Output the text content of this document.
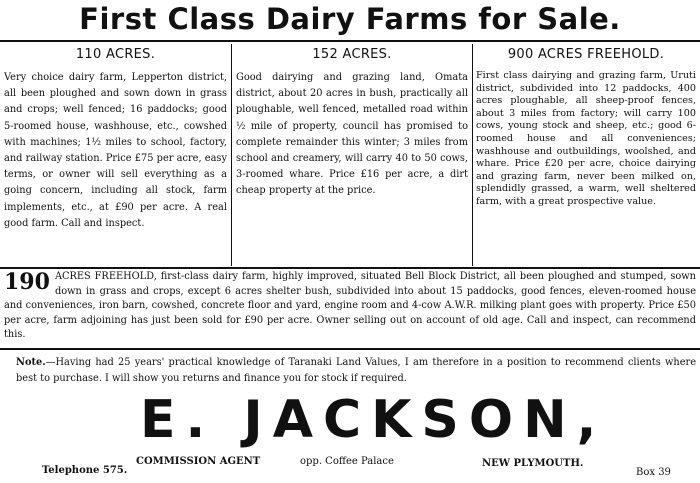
First Class Dairy Farms for Sale.
110 ACRES.
Very choice dairy farm, Lepperton district, all been ploughed and sown down in grass and crops; well fenced; 16 paddocks; good 5-roomed house, washhouse, etc., cowshed with machines; 1½ miles to school, factory, and railway station. Price £75 per acre, easy terms, or owner will sell everything as a going concern, including all stock, farm implements, etc., at £90 per acre. A real good farm. Call and inspect.
152 ACRES.
Good dairying and grazing land, Omata district, about 20 acres in bush, practically all ploughable, well fenced, metalled road within ½ mile of property, council has promised to complete remainder this winter; 3 miles from school and creamery, will carry 40 to 50 cows, 3-roomed whare. Price £16 per acre, a dirt cheap property at the price.
900 ACRES FREEHOLD.
First class dairying and grazing farm, Uruti district, subdivided into 12 paddocks, 400 acres ploughable, all sheep-proof fences, about 3 miles from factory; will carry 100 cows, young stock and sheep, etc.; good 6-roomed house and all conveniences; washhouse and outbuildings, woolshed, and whare. Price £20 per acre, choice dairying and grazing farm, never been milked on, splendidly grassed, a warm, well sheltered farm, with a great prospective value.
190 ACRES FREEHOLD, first-class dairy farm, highly improved, situated Bell Block District, all been ploughed and stumped, sown down in grass and crops, except 6 acres shelter bush, subdivided into about 15 paddocks, good fences, eleven-roomed house and conveniences, iron barn, cowshed, concrete floor and yard, engine room and 4-cow A.W.R. milking plant goes with property. Price £50 per acre, farm adjoining has just been sold for £90 per acre. Owner selling out on account of old age. Call and inspect, can recommend this.
Note.—Having had 25 years' practical knowledge of Taranaki Land Values, I am therefore in a position to recommend clients where best to purchase. I will show you returns and finance you for stock if required.
E. JACKSON,
COMMISSION AGENT	opp. Coffee Palace	NEW PLYMOUTH.
Telephone 575.	Box 39
